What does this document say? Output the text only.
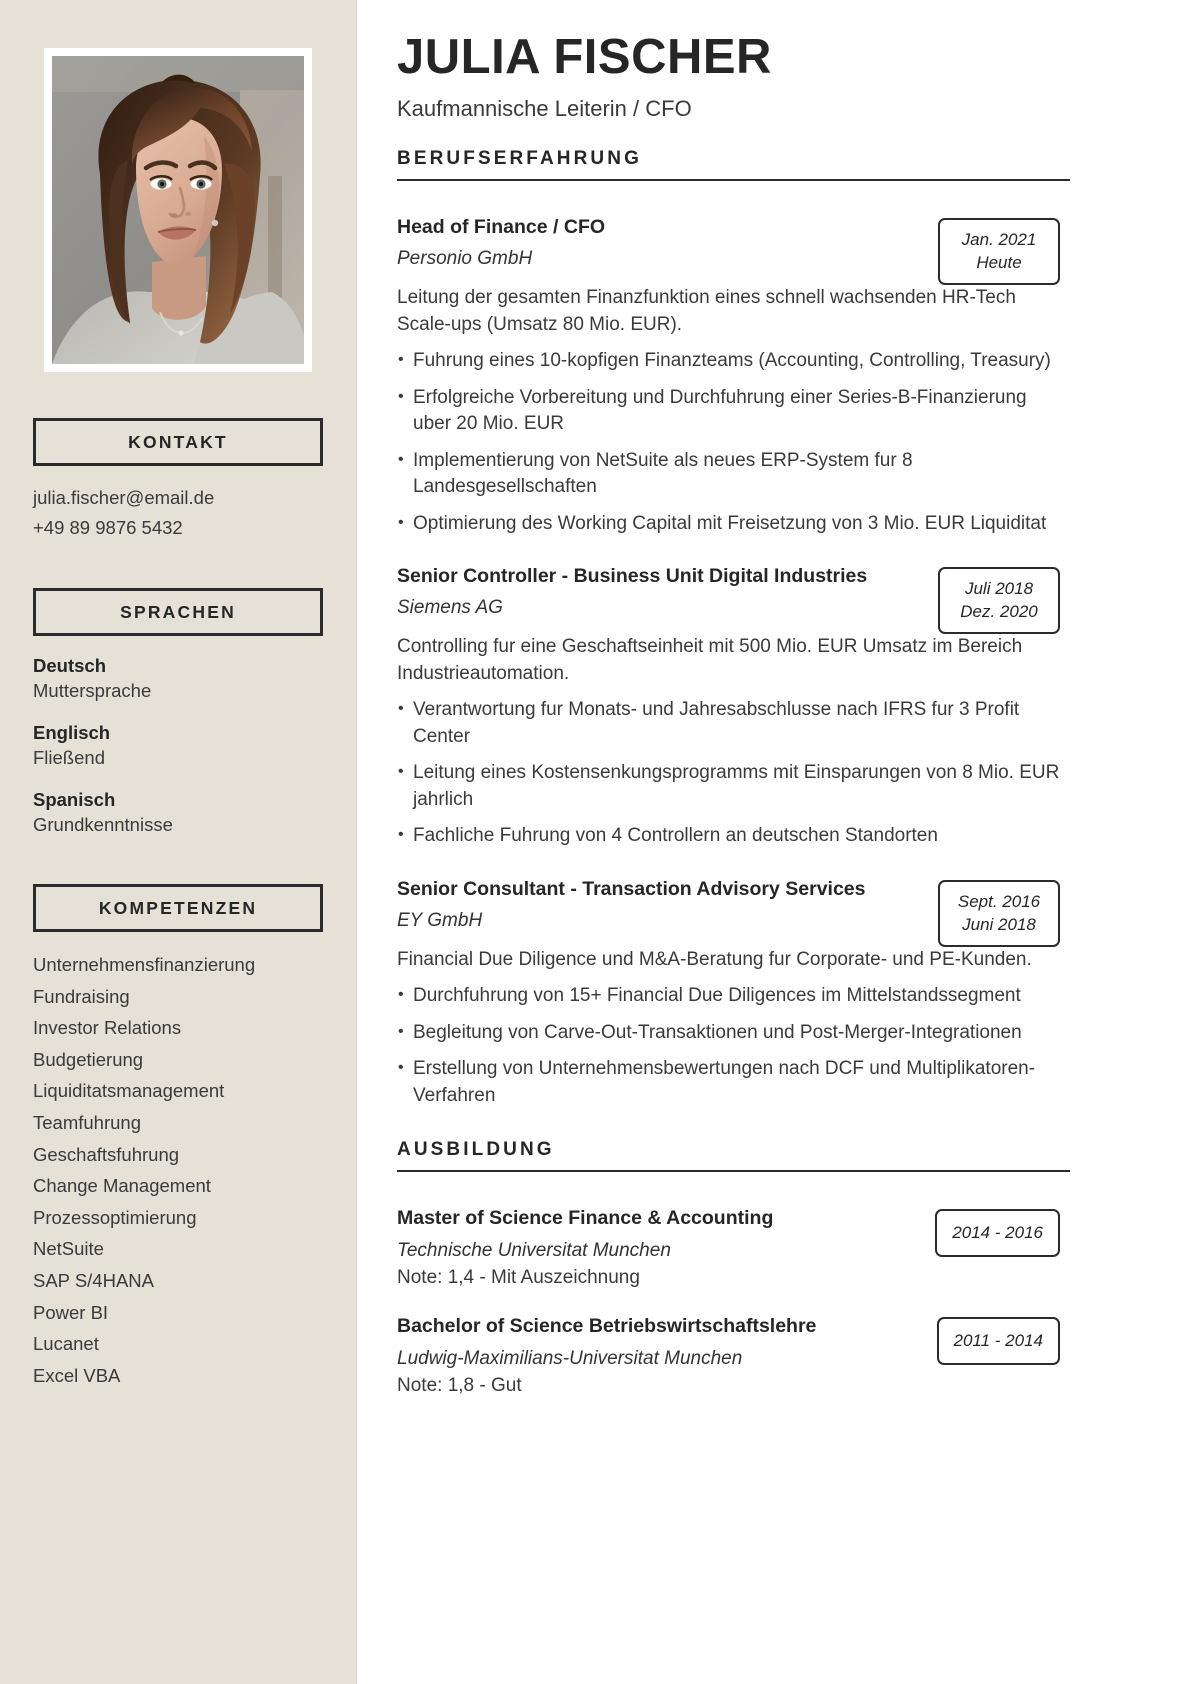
KONTAKT
julia.fischer@email.de
+49 89 9876 5432
SPRACHEN
Deutsch
Muttersprache
Englisch
Fließend
Spanisch
Grundkenntnisse
KOMPETENZEN
Unternehmensfinanzierung
Fundraising
Investor Relations
Budgetierung
Liquiditatsmanagement
Teamfuhrung
Geschaftsfuhrung
Change Management
Prozessoptimierung
NetSuite
SAP S/4HANA
Power BI
Lucanet
Excel VBA
JULIA FISCHER
Kaufmannische Leiterin / CFO
BERUFSERFAHRUNG
Head of Finance / CFO
Personio GmbH
Jan. 2021
Heute

Leitung der gesamten Finanzfunktion eines schnell wachsenden HR-Tech Scale-ups (Umsatz 80 Mio. EUR).

• Fuhrung eines 10-kopfigen Finanzteams (Accounting, Controlling, Treasury)
• Erfolgreiche Vorbereitung und Durchfuhrung einer Series-B-Finanzierung uber 20 Mio. EUR
• Implementierung von NetSuite als neues ERP-System fur 8 Landesgesellschaften
• Optimierung des Working Capital mit Freisetzung von 3 Mio. EUR Liquiditat
Senior Controller - Business Unit Digital Industries
Siemens AG
Juli 2018
Dez. 2020

Controlling fur eine Geschaftseinheit mit 500 Mio. EUR Umsatz im Bereich Industrieautomation.

• Verantwortung fur Monats- und Jahresabschlusse nach IFRS fur 3 Profit Center
• Leitung eines Kostensenkungsprogramms mit Einsparungen von 8 Mio. EUR jahrlich
• Fachliche Fuhrung von 4 Controllern an deutschen Standorten
Senior Consultant - Transaction Advisory Services
EY GmbH
Sept. 2016
Juni 2018

Financial Due Diligence und M&A-Beratung fur Corporate- und PE-Kunden.

• Durchfuhrung von 15+ Financial Due Diligences im Mittelstandssegment
• Begleitung von Carve-Out-Transaktionen und Post-Merger-Integrationen
• Erstellung von Unternehmensbewertungen nach DCF und Multiplikatoren-Verfahren
AUSBILDUNG
Master of Science Finance & Accounting
Technische Universitat Munchen
Note: 1,4 - Mit Auszeichnung
2014 - 2016
Bachelor of Science Betriebswirtschaftslehre
Ludwig-Maximilians-Universitat Munchen
Note: 1,8 - Gut
2011 - 2014
